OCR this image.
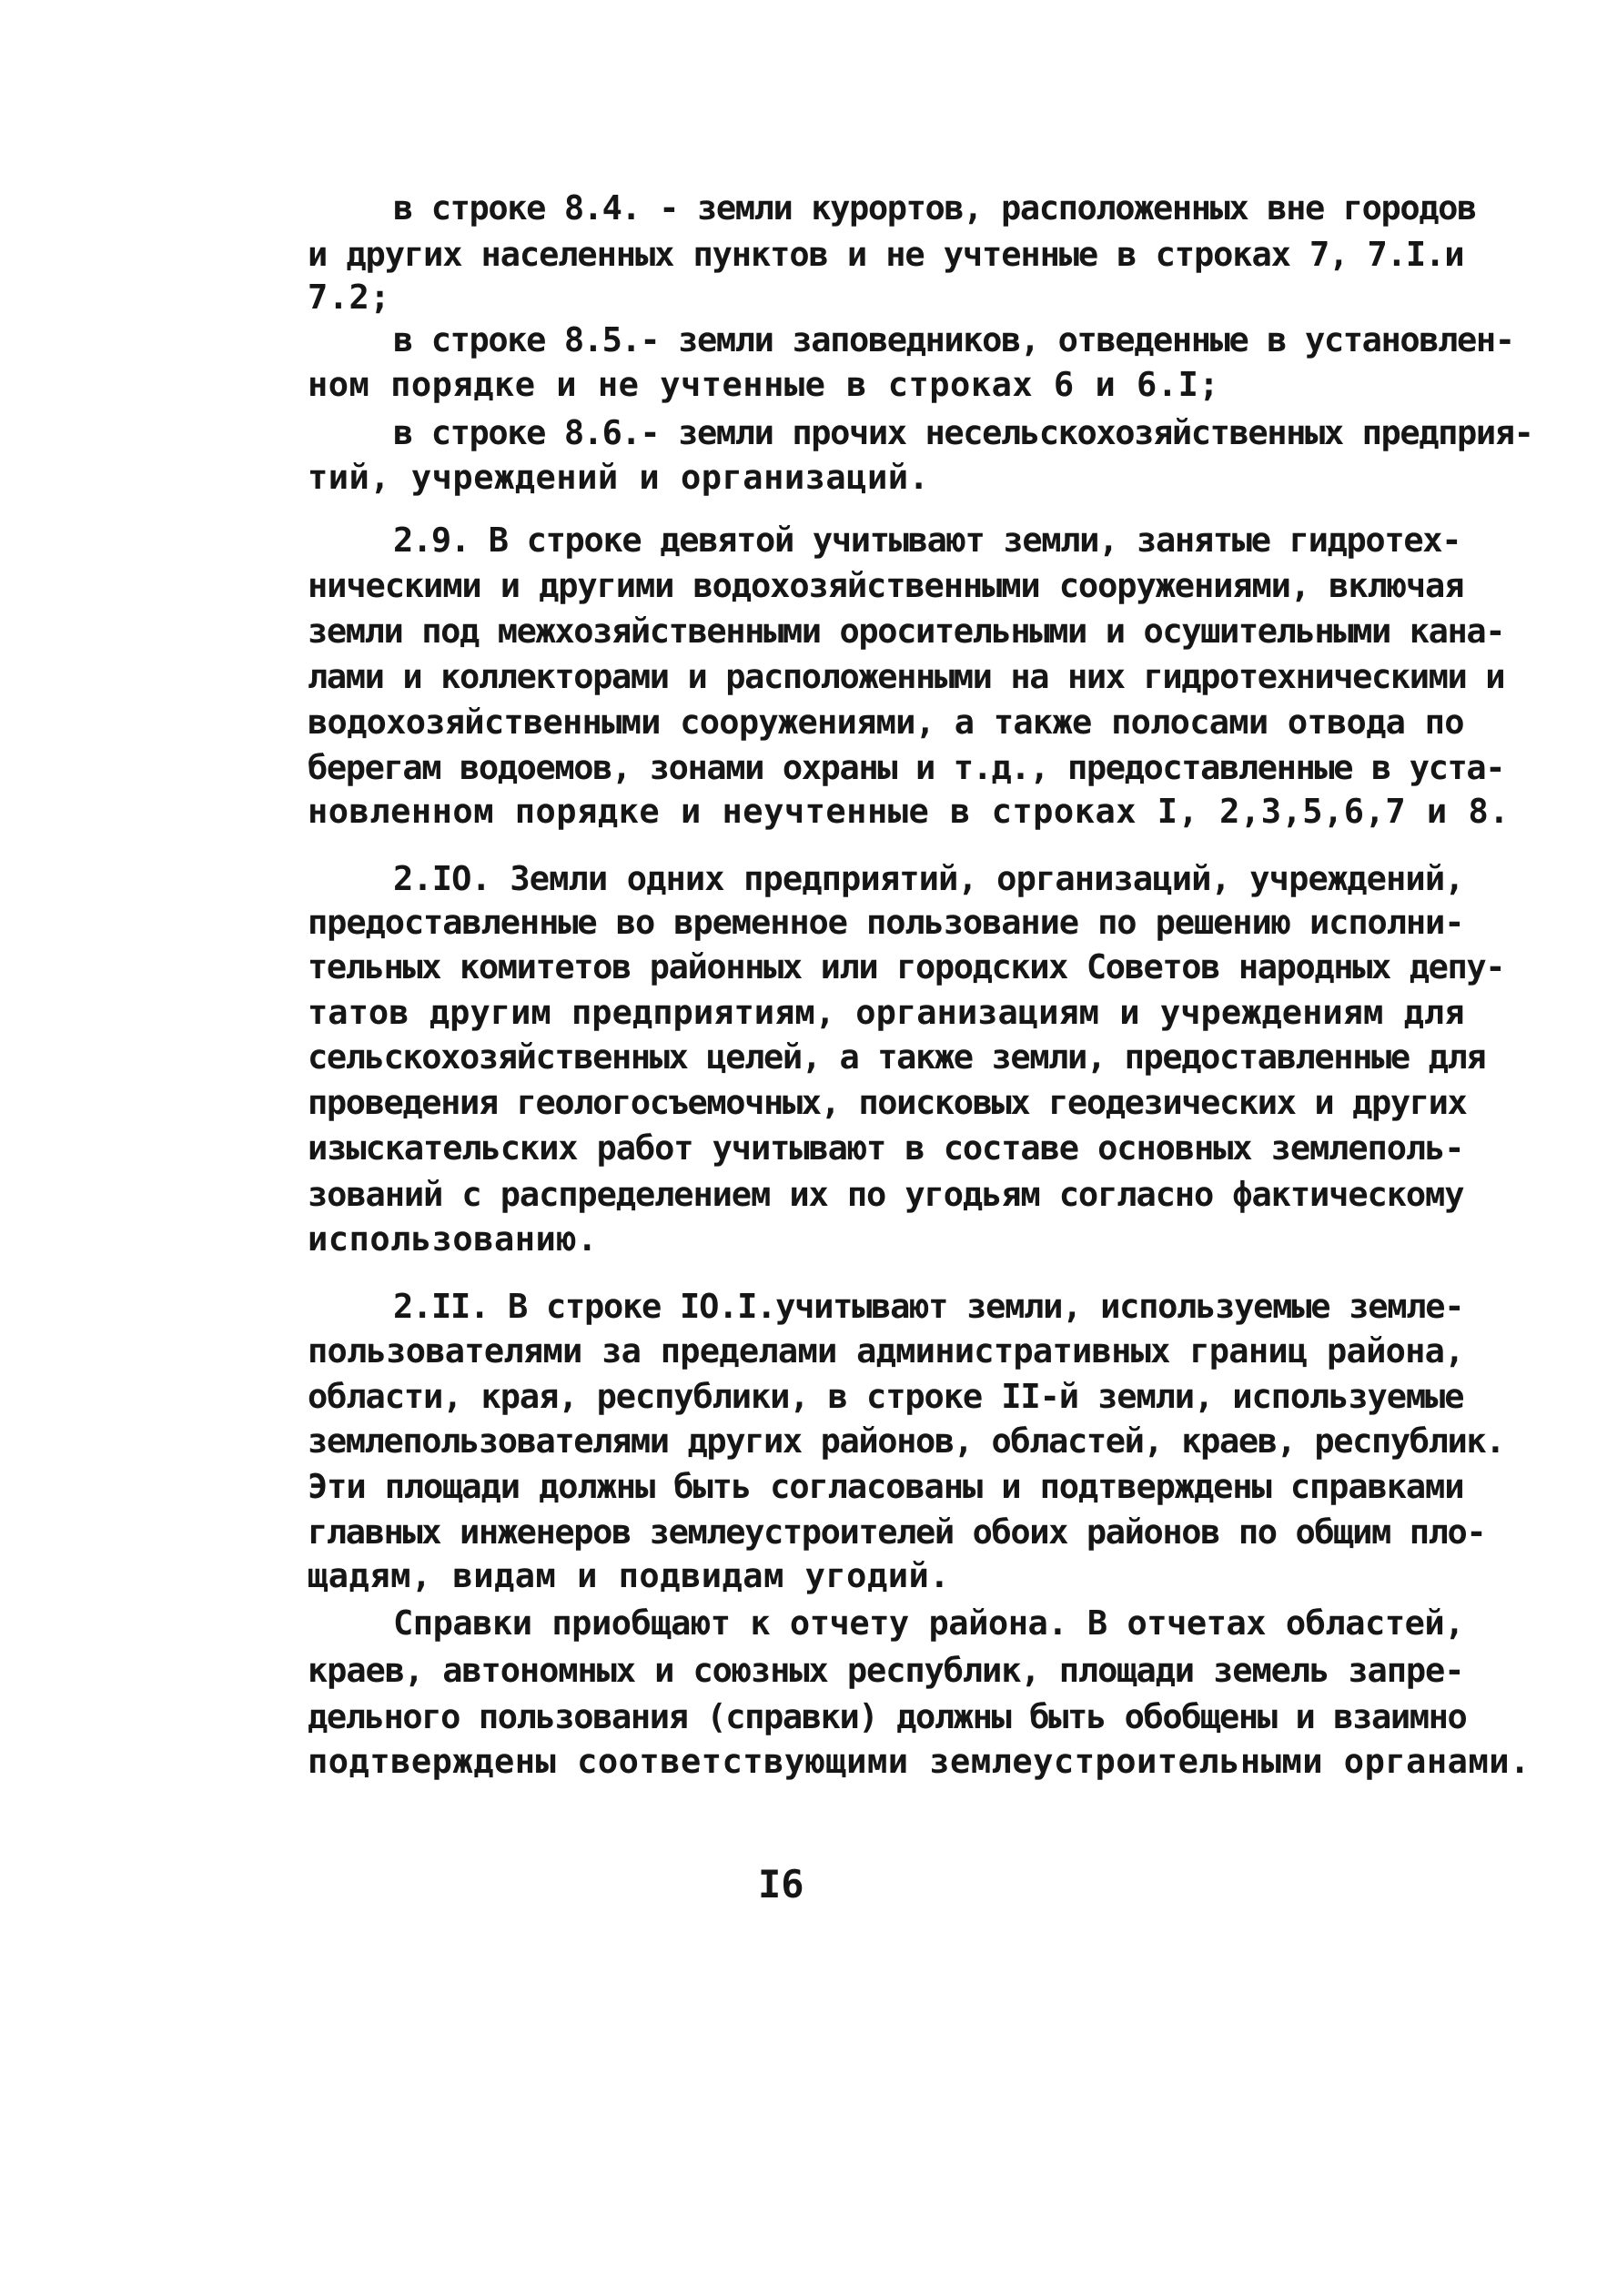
в строке 8.4. - земли курортов, расположенных вне городов
и других населенных пунктов и не учтенные в строках 7, 7.I.и
7.2;
в строке 8.5.- земли заповедников, отведенные в установлен-
ном порядке и не учтенные в строках 6 и 6.I;
в строке 8.6.- земли прочих несельскохозяйственных предприя-
тий, учреждений и организаций.
2.9. В строке девятой учитывают земли, занятые гидротех-
ническими и другими водохозяйственными сооружениями, включая
земли под межхозяйственными оросительными и осушительными кана-
лами и коллекторами и расположенными на них гидротехническими и
водохозяйственными сооружениями, а также полосами отвода по
берегам водоемов, зонами охраны и т.д., предоставленные в уста-
новленном порядке и неучтенные в строках I, 2,3,5,6,7 и 8.
2.IO. Земли одних предприятий, организаций, учреждений,
предоставленные во временное пользование по решению исполни-
тельных комитетов районных или городских Советов народных депу-
татов другим предприятиям, организациям и учреждениям для
сельскохозяйственных целей, а также земли, предоставленные для
проведения геологосъемочных, поисковых геодезических и других
изыскательских работ учитывают в составе основных землеполь-
зований с распределением их по угодьям согласно фактическому
использованию.
2.II. В строке IO.I.учитывают земли, используемые земле-
пользователями за пределами административных границ района,
области, края, республики, в строке II-й земли, используемые
землепользователями других районов, областей, краев, республик.
Эти площади должны быть согласованы и подтверждены справками
главных инженеров землеустроителей обоих районов по общим пло-
щадям, видам и подвидам угодий.
Справки приобщают к отчету района. В отчетах областей,
краев, автономных и союзных республик, площади земель запре-
дельного пользования (справки) должны быть обобщены и взаимно
подтверждены соответствующими землеустроительными органами.
I6
